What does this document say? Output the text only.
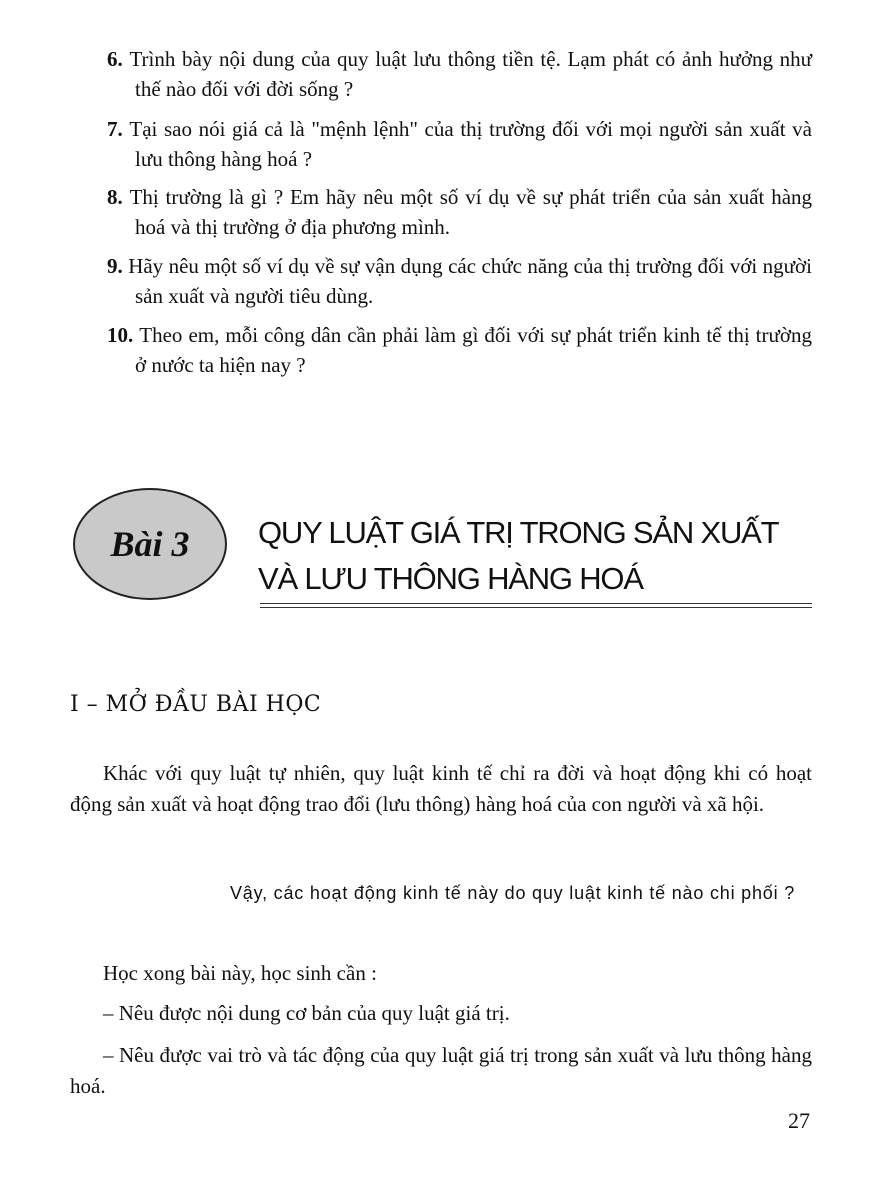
6. Trình bày nội dung của quy luật lưu thông tiền tệ. Lạm phát có ảnh hưởng như thế nào đối với đời sống ?
7. Tại sao nói giá cả là "mệnh lệnh" của thị trường đối với mọi người sản xuất và lưu thông hàng hoá ?
8. Thị trường là gì ? Em hãy nêu một số ví dụ về sự phát triển của sản xuất hàng hoá và thị trường ở địa phương mình.
9. Hãy nêu một số ví dụ về sự vận dụng các chức năng của thị trường đối với người sản xuất và người tiêu dùng.
10. Theo em, mỗi công dân cần phải làm gì đối với sự phát triển kinh tế thị trường ở nước ta hiện nay ?
Bài 3 QUY LUẬT GIÁ TRỊ TRONG SẢN XUẤT
VÀ LƯU THÔNG HÀNG HOÁ
I – MỞ ĐẦU BÀI HỌC
Khác với quy luật tự nhiên, quy luật kinh tế chỉ ra đời và hoạt động khi có hoạt động sản xuất và hoạt động trao đổi (lưu thông) hàng hoá của con người và xã hội.
Vậy, các hoạt động kinh tế này do quy luật kinh tế nào chi phối ?
Học xong bài này, học sinh cần :
– Nêu được nội dung cơ bản của quy luật giá trị.
– Nêu được vai trò và tác động của quy luật giá trị trong sản xuất và lưu thông hàng hoá.
27
